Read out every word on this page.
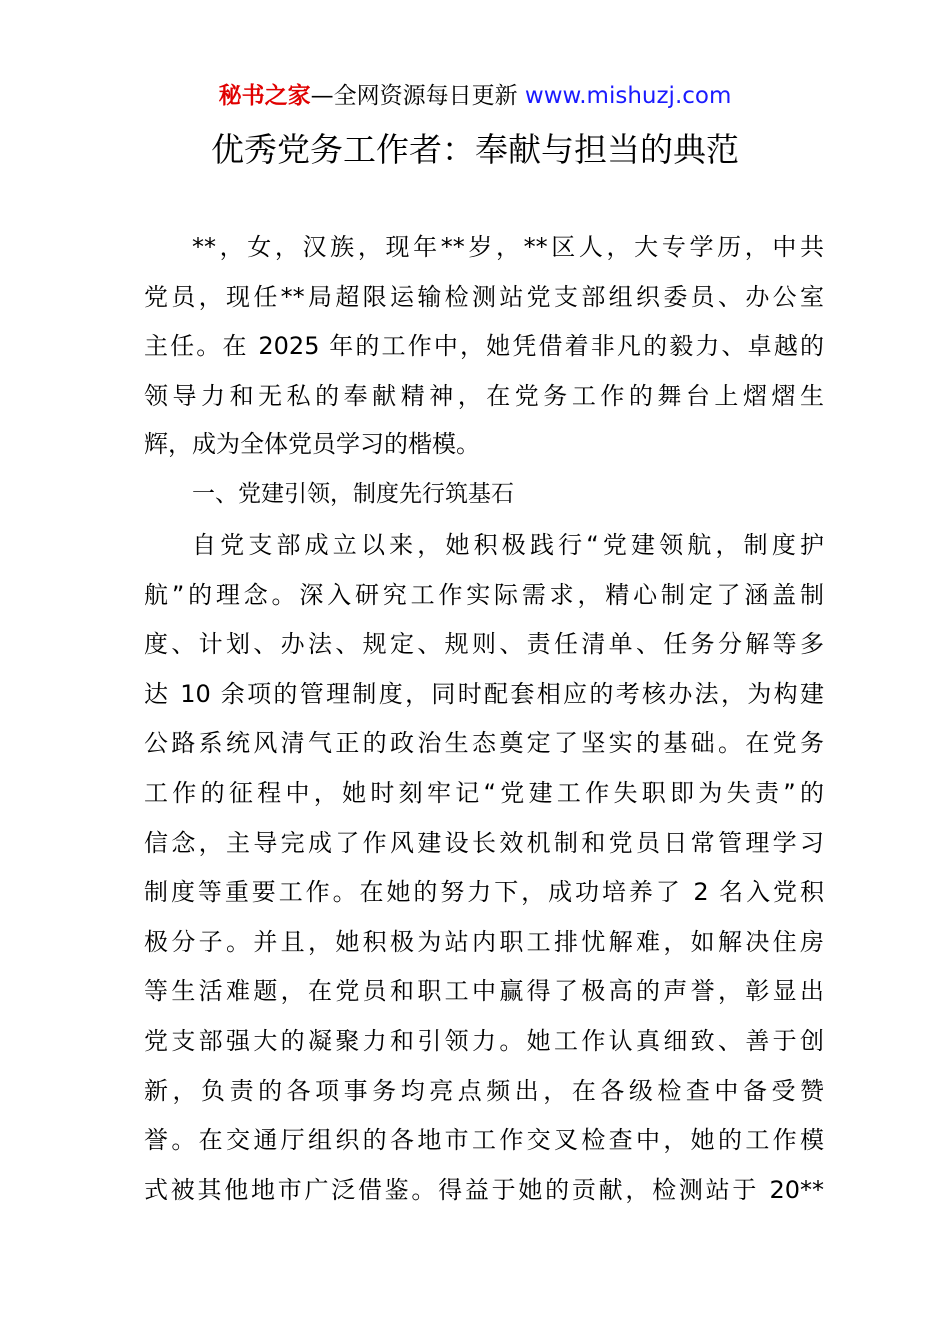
秘书之家—全网资源每日更新 www.mishuzj.com
优秀党务工作者：奉献与担当的典范
**，女，汉族，现年**岁，**区人，大专学历，中共
党员，现任**局超限运输检测站党支部组织委员、办公室
主任。在 2025 年的工作中，她凭借着非凡的毅力、卓越的
领导力和无私的奉献精神，在党务工作的舞台上熠熠生
辉，成为全体党员学习的楷模。
一、党建引领，制度先行筑基石
自党支部成立以来，她积极践行“党建领航，制度护
航”的理念。深入研究工作实际需求，精心制定了涵盖制
度、计划、办法、规定、规则、责任清单、任务分解等多
达 10 余项的管理制度，同时配套相应的考核办法，为构建
公路系统风清气正的政治生态奠定了坚实的基础。在党务
工作的征程中，她时刻牢记“党建工作失职即为失责”的
信念，主导完成了作风建设长效机制和党员日常管理学习
制度等重要工作。在她的努力下，成功培养了 2 名入党积
极分子。并且，她积极为站内职工排忧解难，如解决住房
等生活难题，在党员和职工中赢得了极高的声誉，彰显出
党支部强大的凝聚力和引领力。她工作认真细致、善于创
新，负责的各项事务均亮点频出，在各级检查中备受赞
誉。在交通厅组织的各地市工作交叉检查中，她的工作模
式被其他地市广泛借鉴。得益于她的贡献，检测站于 20**
